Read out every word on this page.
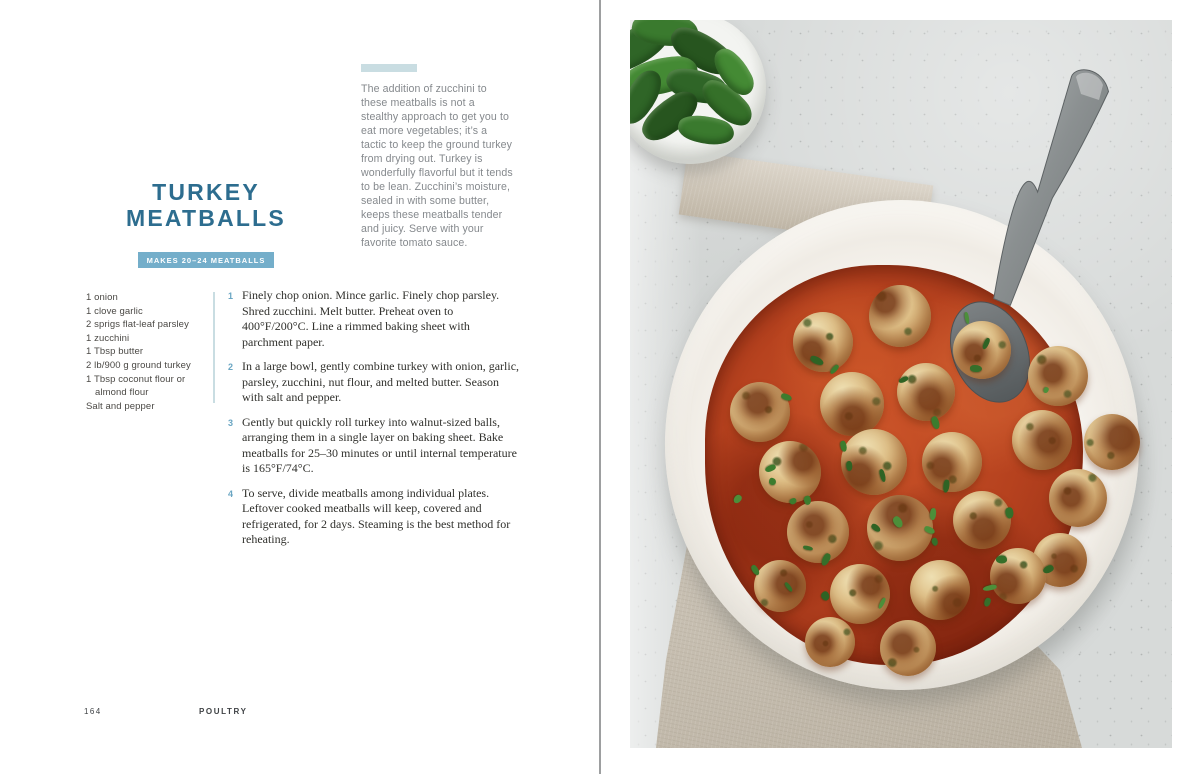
The addition of zucchini to these meatballs is not a stealthy approach to get you to eat more vegetables; it’s a tactic to keep the ground turkey from drying out. Turkey is wonderfully flavorful but it tends to be lean. Zucchini’s moisture, sealed in with some butter, keeps these meatballs tender and juicy. Serve with your favorite tomato sauce.

TURKEY
MEATBALLS
MAKES 20–24 MEATBALLS
1 onion
1 clove garlic
2 sprigs flat-leaf parsley
1 zucchini
1 Tbsp butter
2 lb/900 g ground turkey
1 Tbsp coconut flour or almond flour
Salt and pepper
1 Finely chop onion. Mince garlic. Finely chop parsley. Shred zucchini. Melt butter. Preheat oven to 400°F/200°C. Line a rimmed baking sheet with parchment paper.

2 In a large bowl, gently combine turkey with onion, garlic, parsley, zucchini, nut flour, and melted butter. Season with salt and pepper.

3 Gently but quickly roll turkey into walnut-sized balls, arranging them in a single layer on baking sheet. Bake meatballs for 25–30 minutes or until internal temperature is 165°F/74°C.

4 To serve, divide meatballs among individual plates. Leftover cooked meatballs will keep, covered and refrigerated, for 2 days. Steaming is the best method for reheating.

164	POULTRY
